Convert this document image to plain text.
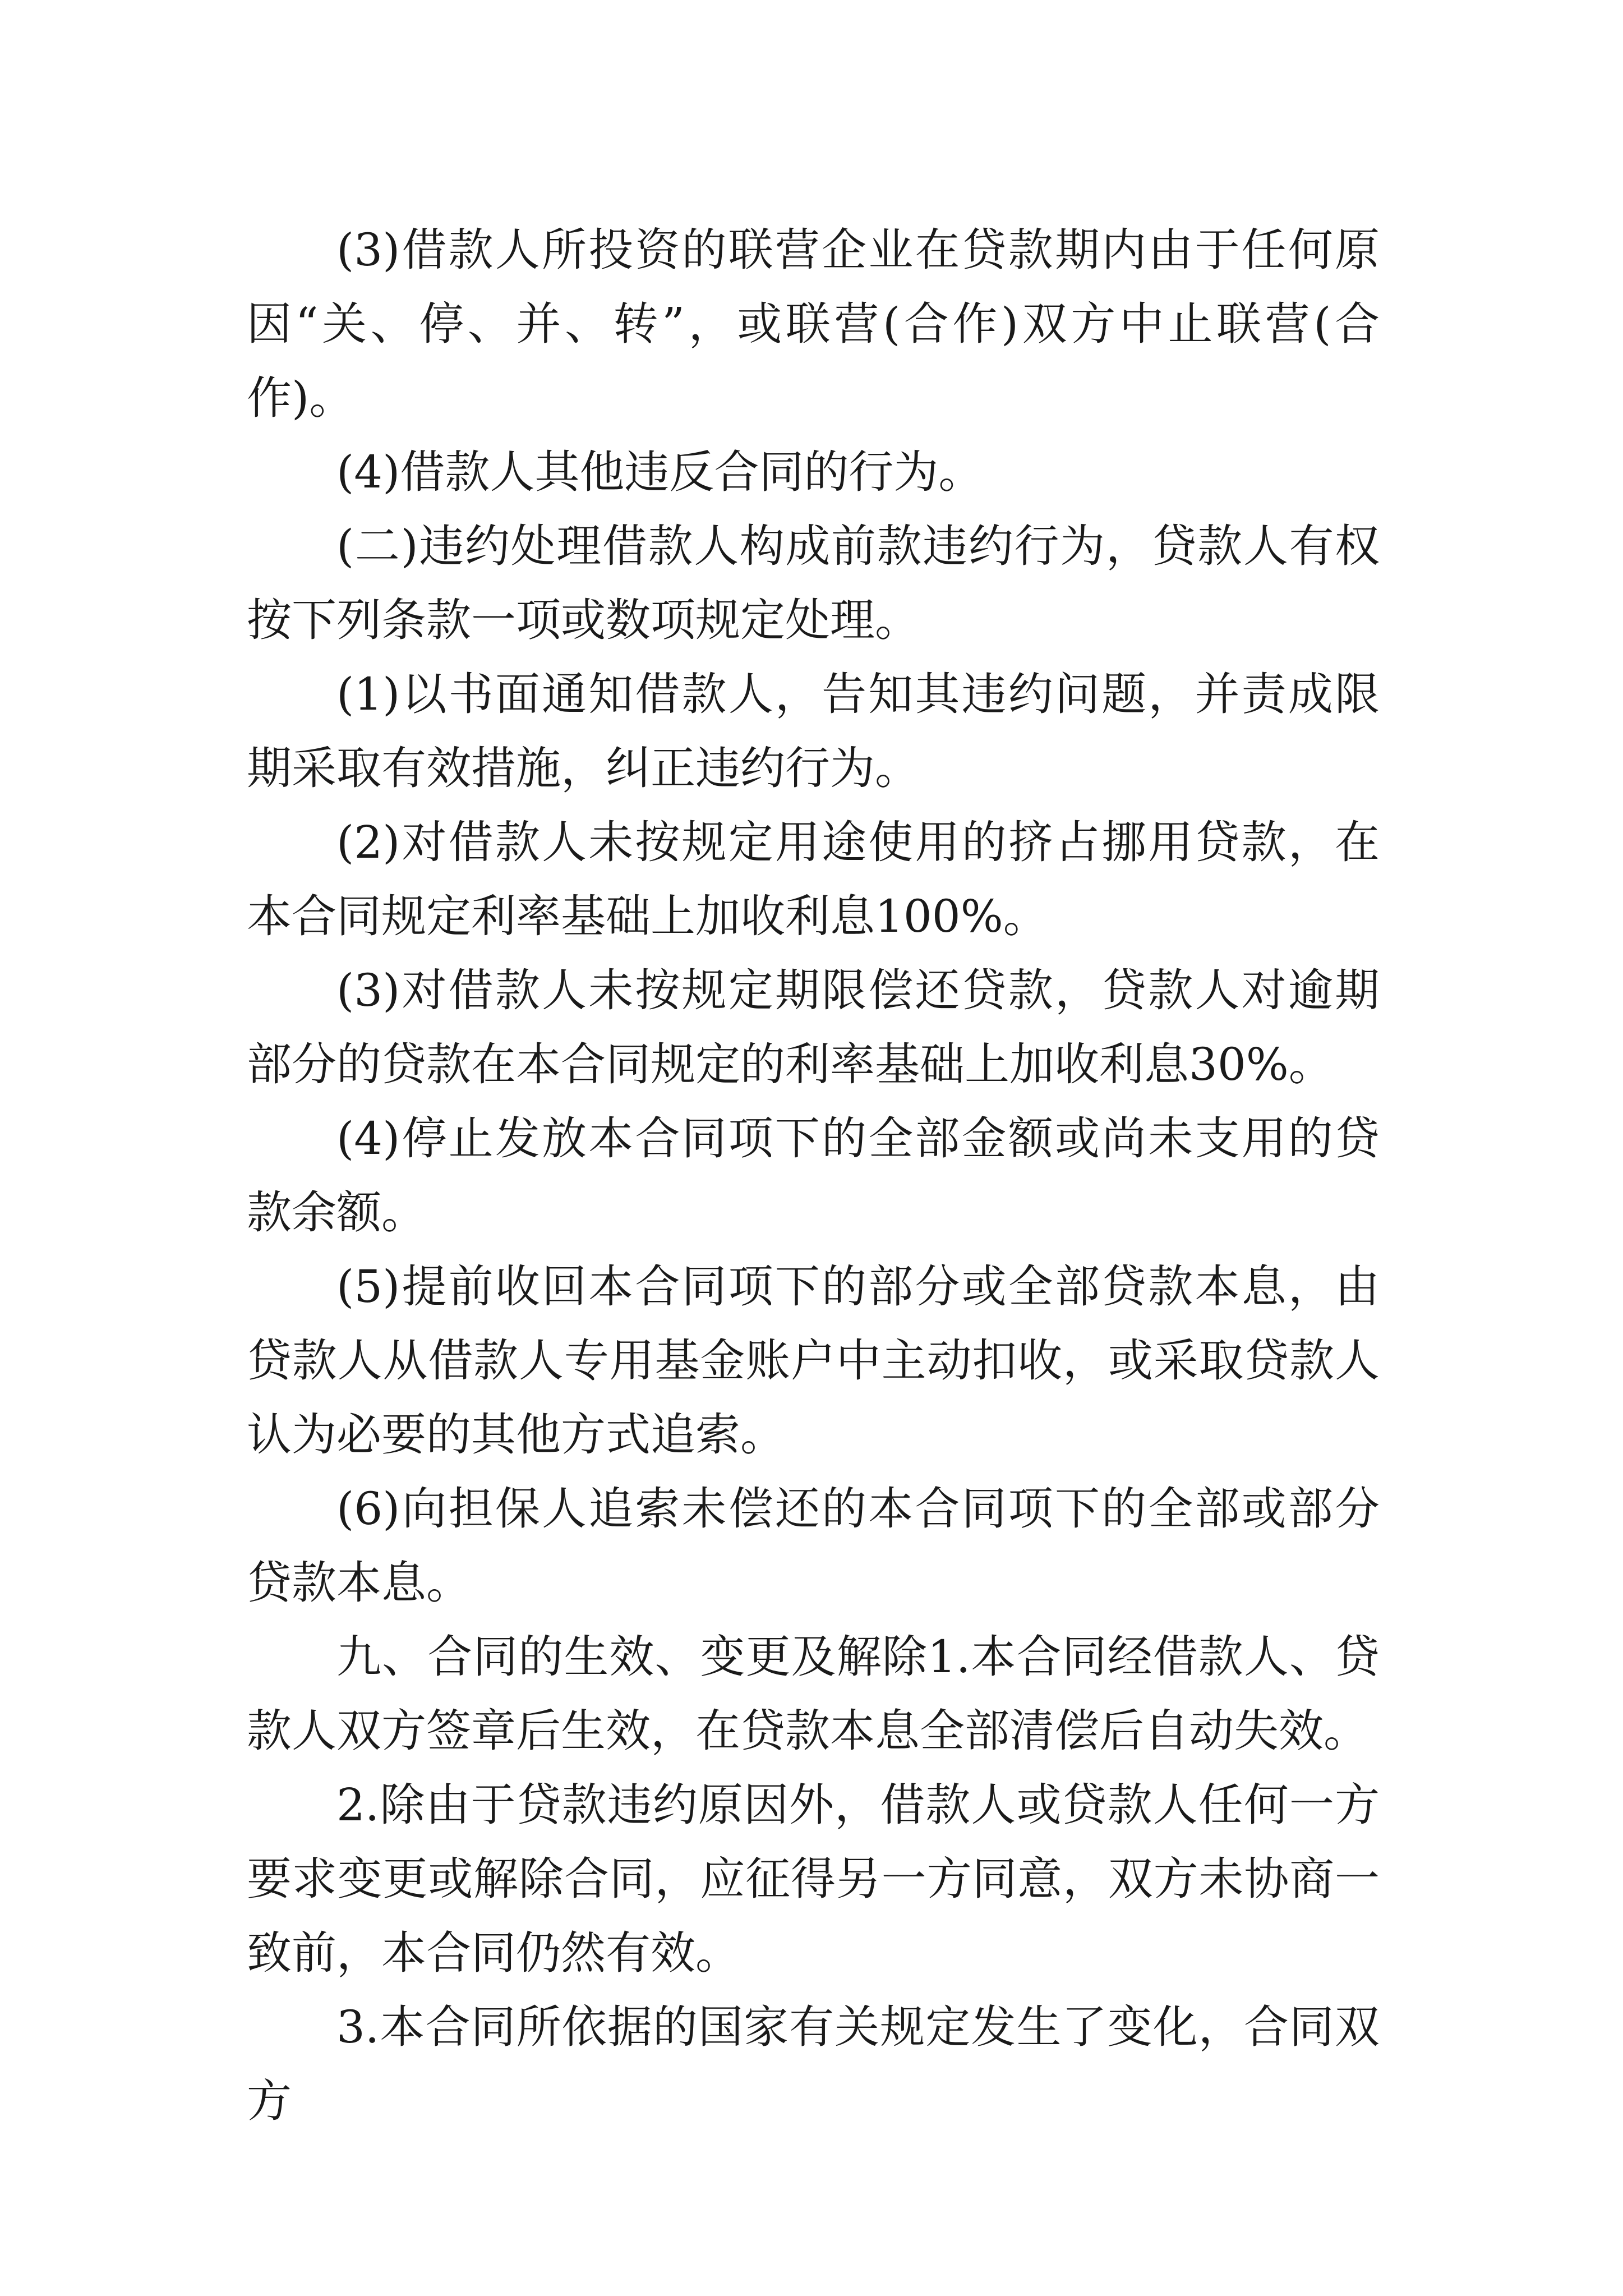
(3)借款人所投资的联营企业在贷款期内由于任何原因“关、停、并、转”，或联营(合作)双方中止联营(合作)。

(4)借款人其他违反合同的行为。

(二)违约处理借款人构成前款违约行为，贷款人有权按下列条款一项或数项规定处理。

(1)以书面通知借款人，告知其违约问题，并责成限期采取有效措施，纠正违约行为。

(2)对借款人未按规定用途使用的挤占挪用贷款，在本合同规定利率基础上加收利息100%。

(3)对借款人未按规定期限偿还贷款，贷款人对逾期部分的贷款在本合同规定的利率基础上加收利息30%。

(4)停止发放本合同项下的全部金额或尚未支用的贷款余额。

(5)提前收回本合同项下的部分或全部贷款本息，由贷款人从借款人专用基金账户中主动扣收，或采取贷款人认为必要的其他方式追索。

(6)向担保人追索未偿还的本合同项下的全部或部分贷款本息。

九、合同的生效、变更及解除1.本合同经借款人、贷款人双方签章后生效，在贷款本息全部清偿后自动失效。

2.除由于贷款违约原因外，借款人或贷款人任何一方要求变更或解除合同，应征得另一方同意，双方未协商一致前，本合同仍然有效。

3.本合同所依据的国家有关规定发生了变化，合同双方
